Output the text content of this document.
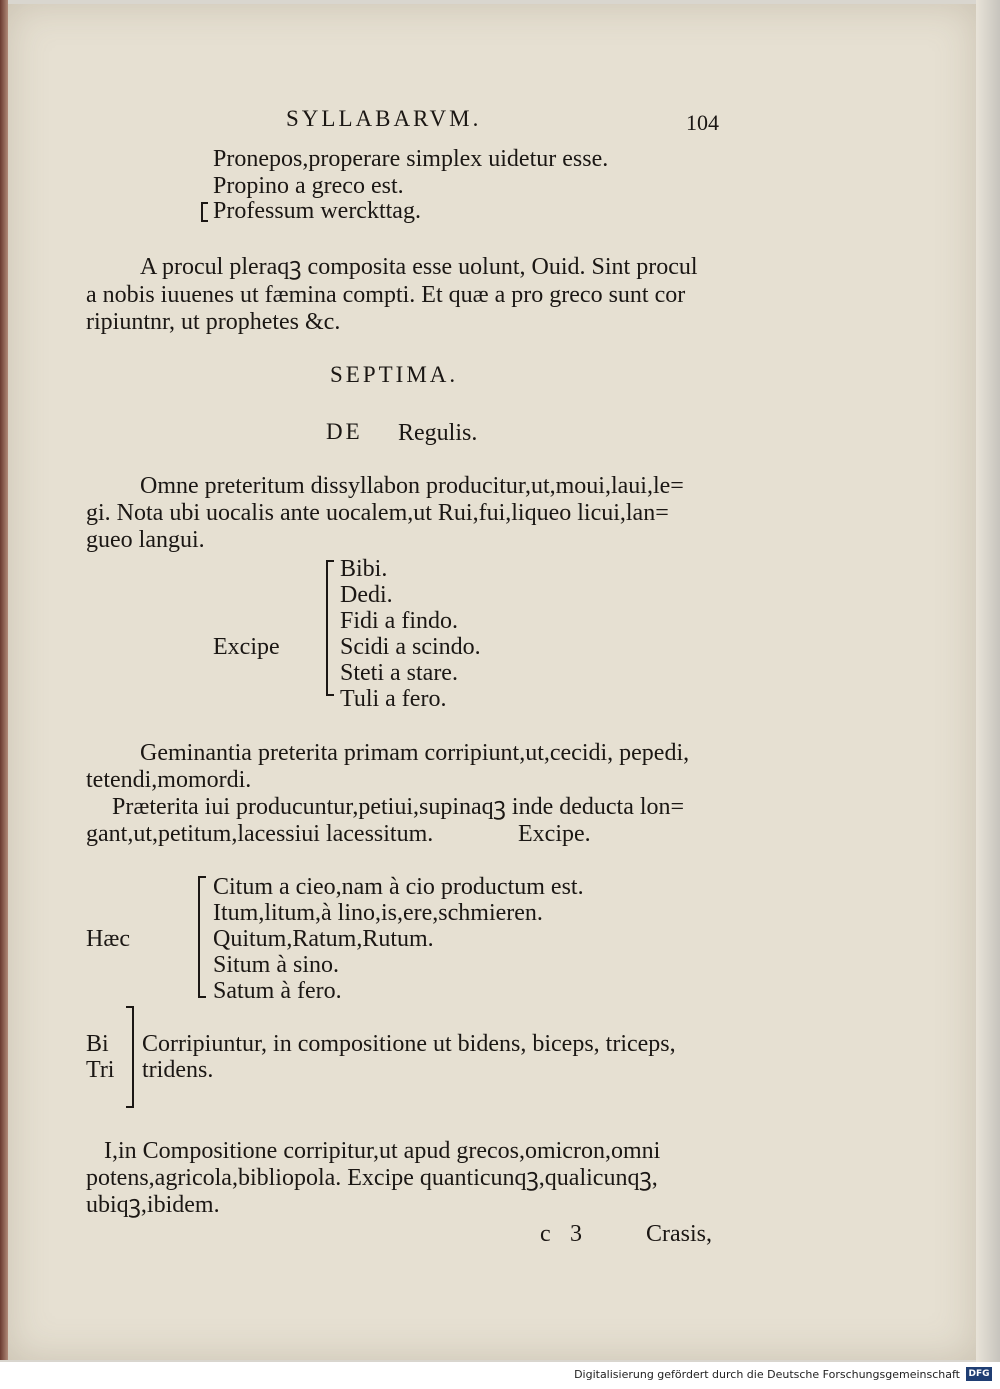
SYLLABARVM.	104
Pronepos,properare simplex uidetur esse.
Propino a greco est.
Professum werckttag.
A procul pleraqꝫ composita esse uolunt, Ouid. Sint procul
a nobis iuuenes ut fæmina compti. Et quæ a pro greco sunt cor
ripiuntnr, ut prophetes &c.
SEPTIMA.
DE Regulis.
Omne preteritum dissyllabon producitur,ut,moui,laui,le=
gi. Nota ubi uocalis ante uocalem,ut Rui,fui,liqueo licui,lan=
gueo langui.
Bibi.
Dedi.
Fidi a findo.
Excipe	Scidi a scindo.
Steti a stare.
Tuli a fero.
Geminantia preterita primam corripiunt,ut,cecidi, pepedi,
tetendi,momordi.
Præterita iui producuntur,petiui,supinaqꝫ inde deducta lon=
gant,ut,petitum,lacessiui lacessitum.	Excipe.
Citum a cieo,nam à cio productum est.
Itum,litum,à lino,is,ere,schmieren.
Hæc	Quitum,Ratum,Rutum.
Situm à sino.
Satum à fero.
Bi
Tri
Corripiuntur, in compositione ut bidens, biceps, triceps,
tridens.
I,in Compositione corripitur,ut apud grecos,omicron,omni
potens,agricola,bibliopola. Excipe quanticunqꝫ,qualicunqꝫ,
ubiqꝫ,ibidem.
c 3	Crasis,
Digitalisierung gefördert durch die Deutsche Forschungsgemeinschaft DFG
